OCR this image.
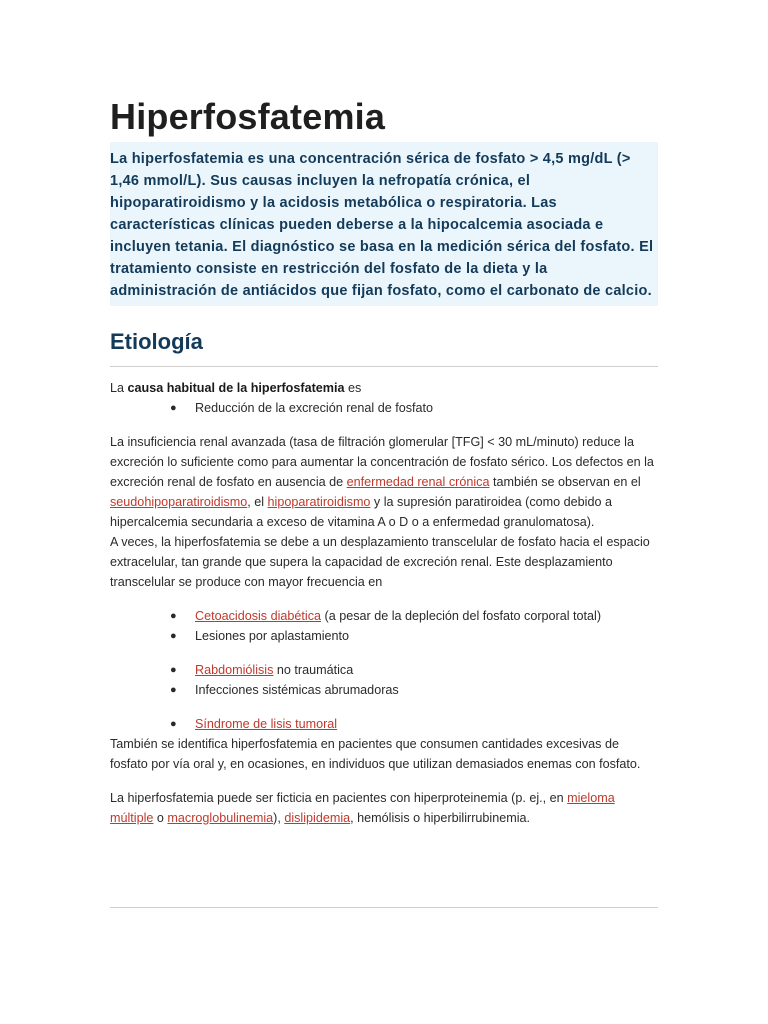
Hiperfosfatemia

La hiperfosfatemia es una concentración sérica de fosfato > 4,5 mg/dL (> 1,46 mmol/L). Sus causas incluyen la nefropatía crónica, el hipoparatiroidismo y la acidosis metabólica o respiratoria. Las características clínicas pueden deberse a la hipocalcemia asociada e incluyen tetania. El diagnóstico se basa en la medición sérica del fosfato. El tratamiento consiste en restricción del fosfato de la dieta y la administración de antiácidos que fijan fosfato, como el carbonato de calcio.

Etiología

La causa habitual de la hiperfosfatemia es

● Reducción de la excreción renal de fosfato

La insuficiencia renal avanzada (tasa de filtración glomerular [TFG] < 30 mL/minuto) reduce la excreción lo suficiente como para aumentar la concentración de fosfato sérico. Los defectos en la excreción renal de fosfato en ausencia de enfermedad renal crónica también se observan en el seudohipoparatiroidismo, el hipoparatiroidismo y la supresión paratiroidea (como debido a hipercalcemia secundaria a exceso de vitamina A o D o a enfermedad granulomatosa).

A veces, la hiperfosfatemia se debe a un desplazamiento transcelular de fosfato hacia el espacio extracelular, tan grande que supera la capacidad de excreción renal. Este desplazamiento transcelular se produce con mayor frecuencia en

● Cetoacidosis diabética (a pesar de la depleción del fosfato corporal total)
● Lesiones por aplastamiento
● Rabdomiólisis no traumática
● Infecciones sistémicas abrumadoras
● Síndrome de lisis tumoral

También se identifica hiperfosfatemia en pacientes que consumen cantidades excesivas de fosfato por vía oral y, en ocasiones, en individuos que utilizan demasiados enemas con fosfato.

La hiperfosfatemia puede ser ficticia en pacientes con hiperproteinemia (p. ej., en mieloma múltiple o macroglobulinemia), dislipidemia, hemólisis o hiperbilirrubinemia.
